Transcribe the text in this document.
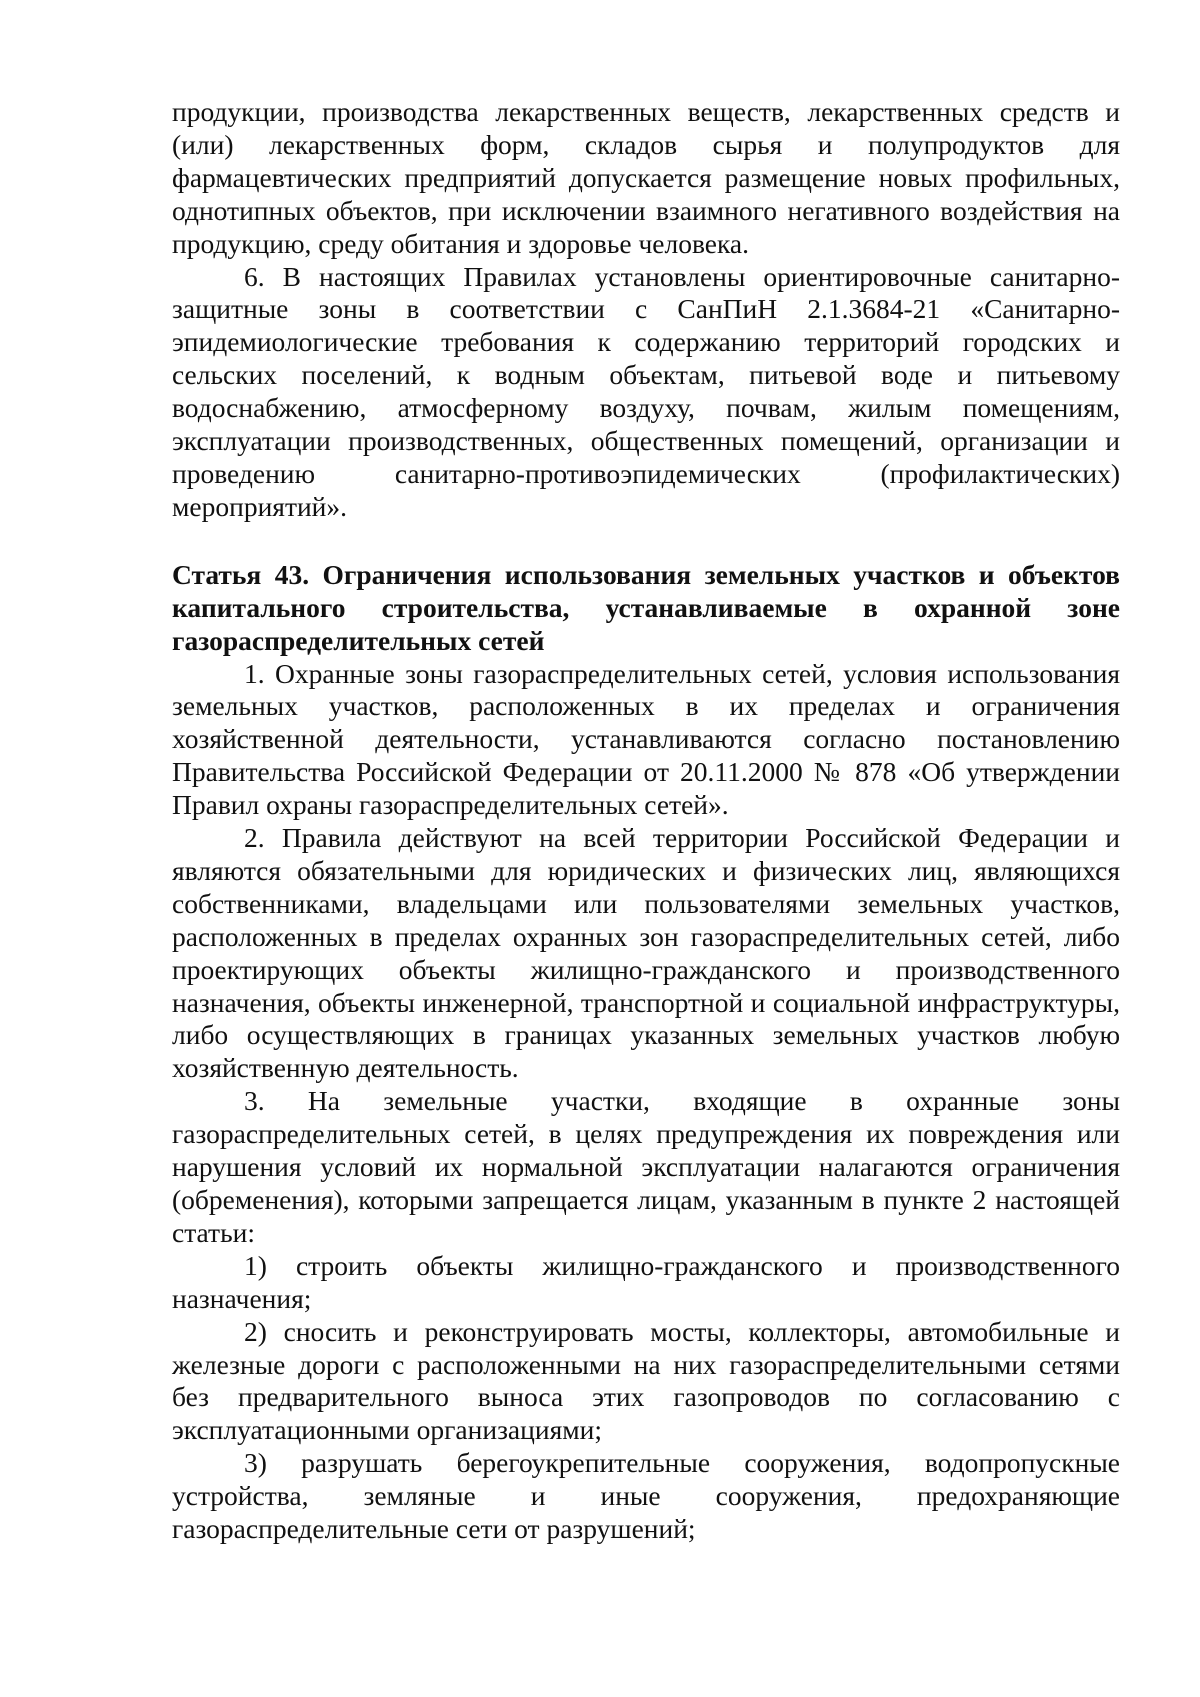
продукции, производства лекарственных веществ, лекарственных средств и (или) лекарственных форм, складов сырья и полупродуктов для фармацевтических предприятий допускается размещение новых профильных, однотипных объектов, при исключении взаимного негативного воздействия на продукцию, среду обитания и здоровье человека.

6. В настоящих Правилах установлены ориентировочные санитарно-защитные зоны в соответствии с СанПиН 2.1.3684-21 «Санитарно-эпидемиологические требования к содержанию территорий городских и сельских поселений, к водным объектам, питьевой воде и питьевому водоснабжению, атмосферному воздуху, почвам, жилым помещениям, эксплуатации производственных, общественных помещений, организации и проведению санитарно-противоэпидемических (профилактических) мероприятий».

Статья 43. Ограничения использования земельных участков и объектов капитального строительства, устанавливаемые в охранной зоне газораспределительных сетей

1. Охранные зоны газораспределительных сетей, условия использования земельных участков, расположенных в их пределах и ограничения хозяйственной деятельности, устанавливаются согласно постановлению Правительства Российской Федерации от 20.11.2000 № 878 «Об утверждении Правил охраны газораспределительных сетей».

2. Правила действуют на всей территории Российской Федерации и являются обязательными для юридических и физических лиц, являющихся собственниками, владельцами или пользователями земельных участков, расположенных в пределах охранных зон газораспределительных сетей, либо проектирующих объекты жилищно-гражданского и производственного назначения, объекты инженерной, транспортной и социальной инфраструктуры, либо осуществляющих в границах указанных земельных участков любую хозяйственную деятельность.

3. На земельные участки, входящие в охранные зоны газораспределительных сетей, в целях предупреждения их повреждения или нарушения условий их нормальной эксплуатации налагаются ограничения (обременения), которыми запрещается лицам, указанным в пункте 2 настоящей статьи:

1) строить объекты жилищно-гражданского и производственного назначения;

2) сносить и реконструировать мосты, коллекторы, автомобильные и железные дороги с расположенными на них газораспределительными сетями без предварительного выноса этих газопроводов по согласованию с эксплуатационными организациями;

3) разрушать берегоукрепительные сооружения, водопропускные устройства, земляные и иные сооружения, предохраняющие газораспределительные сети от разрушений;
